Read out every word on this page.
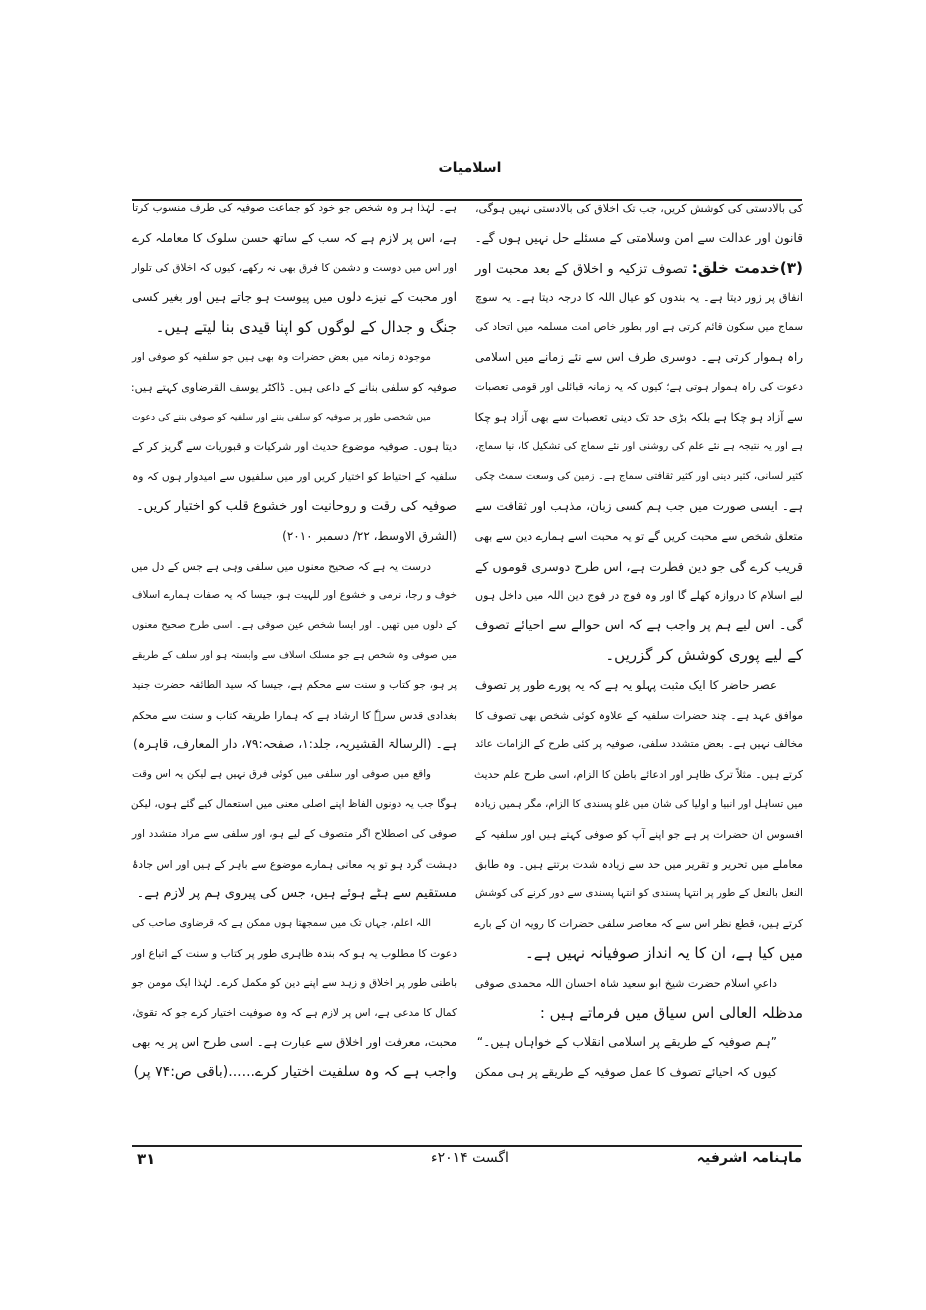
اسلامیات
کی بالادستی کی کوشش کریں، جب تک اخلاق کی بالادستی نہیں ہوگی،
قانون اور عدالت سے امن وسلامتی کے مسئلے حل نہیں ہوں گے۔
(۳)خدمت خلق: تصوف تزکیہ و اخلاق کے بعد محبت اور
انفاق پر زور دیتا ہے۔ یہ بندوں کو عیال اللہ کا درجہ دیتا ہے۔ یہ سوچ
سماج میں سکون قائم کرتی ہے اور بطور خاص امت مسلمہ میں اتحاد کی
راہ ہموار کرتی ہے۔ دوسری طرف اس سے نئے زمانے میں اسلامی
دعوت کی راہ ہموار ہوتی ہے؛ کیوں کہ یہ زمانہ قبائلی اور قومی تعصبات
سے آزاد ہو چکا ہے بلکہ بڑی حد تک دینی تعصبات سے بھی آزاد ہو چکا
ہے اور یہ نتیجہ ہے نئے علم کی روشنی اور نئے سماج کی تشکیل کا، نیا سماج،
کثیر لسانی، کثیر دینی اور کثیر ثقافتی سماج ہے۔ زمین کی وسعت سمٹ چکی
ہے۔ ایسی صورت میں جب ہم کسی زبان، مذہب اور ثقافت سے
متعلق شخص سے محبت کریں گے تو یہ محبت اسے ہمارے دین سے بھی
قریب کرے گی جو دین فطرت ہے، اس طرح دوسری قوموں کے
لیے اسلام کا دروازہ کھلے گا اور وہ فوج در فوج دین اللہ میں داخل ہوں
گی۔ اس لیے ہم پر واجب ہے کہ اس حوالے سے احیائے تصوف
کے لیے پوری کوشش کر گزریں۔
عصر حاضر کا ایک مثبت پہلو یہ ہے کہ یہ پورے طور پر تصوف
موافق عہد ہے۔ چند حضرات سلفیہ کے علاوہ کوئی شخص بھی تصوف کا
مخالف نہیں ہے۔ بعض متشدد سلفی، صوفیہ پر کئی طرح کے الزامات عائد
کرتے ہیں۔ مثلاً ترک ظاہر اور ادعائے باطن کا الزام، اسی طرح علم حدیث
میں تساہل اور انبیا و اولیا کی شان میں غلو پسندی کا الزام، مگر ہمیں زیادہ
افسوس ان حضرات پر ہے جو اپنے آپ کو صوفی کہتے ہیں اور سلفیہ کے
معاملے میں تحریر و تقریر میں حد سے زیادہ شدت برتتے ہیں۔ وہ طابق
النعل بالنعل کے طور پر انتہا پسندی کو انتہا پسندی سے دور کرنے کی کوشش
کرتے ہیں، قطع نظر اس سے کہ معاصر سلفی حضرات کا رویہ ان کے بارے
میں کیا ہے، ان کا یہ انداز صوفیانہ نہیں ہے۔
داعیِ اسلام حضرت شیخ ابو سعید شاہ احسان اللہ محمدی صوفی
مدظلہ العالی اس سیاق میں فرماتے ہیں :
”ہم صوفیہ کے طریقے پر اسلامی انقلاب کے خواہاں ہیں۔“
کیوں کہ احیائے تصوف کا عمل صوفیہ کے طریقے پر ہی ممکن
ہے۔ لہٰذا ہر وہ شخص جو خود کو جماعت صوفیہ کی طرف منسوب کرتا
ہے، اس پر لازم ہے کہ سب کے ساتھ حسن سلوک کا معاملہ کرے
اور اس میں دوست و دشمن کا فرق بھی نہ رکھے، کیوں کہ اخلاق کی تلوار
اور محبت کے نیزے دلوں میں پیوست ہو جاتے ہیں اور بغیر کسی
جنگ و جدال کے لوگوں کو اپنا قیدی بنا لیتے ہیں۔
موجودہ زمانہ میں بعض حضرات وہ بھی ہیں جو سلفیہ کو صوفی اور
صوفیہ کو سلفی بنانے کے داعی ہیں۔ ڈاکٹر یوسف القرضاوی کہتے ہیں:
میں شخصی طور پر صوفیہ کو سلفی بننے اور سلفیہ کو صوفی بننے کی دعوت
دیتا ہوں۔ صوفیہ موضوع حدیث اور شرکیات و قبوریات سے گریز کر کے
سلفیہ کے احتیاط کو اختیار کریں اور میں سلفیوں سے امیدوار ہوں کہ وہ
صوفیہ کی رقت و روحانیت اور خشوع قلب کو اختیار کریں۔
(الشرق الاوسط، ۲۲/ دسمبر ۲۰۱۰)
درست یہ ہے کہ صحیح معنوں میں سلفی وہی ہے جس کے دل میں
خوف و رجا، نرمی و خشوع اور للہیت ہو، جیسا کہ یہ صفات ہمارے اسلاف
کے دلوں میں تھیں۔ اور ایسا شخص عین صوفی ہے۔ اسی طرح صحیح معنوں
میں صوفی وہ شخص ہے جو مسلک اسلاف سے وابستہ ہو اور سلف کے طریقے
پر ہو، جو کتاب و سنت سے محکم ہے، جیسا کہ سید الطائفہ حضرت جنید
بغدادی قدس سرہٗ کا ارشاد ہے کہ ہمارا طریقہ کتاب و سنت سے محکم
ہے۔ (الرسالۃ القشیریہ، جلد:۱، صفحہ:۷۹، دار المعارف، قاہرہ)
واقع میں صوفی اور سلفی میں کوئی فرق نہیں ہے لیکن یہ اس وقت
ہوگا جب یہ دونوں الفاظ اپنے اصلی معنی میں استعمال کیے گئے ہوں، لیکن
صوفی کی اصطلاح اگر متصوف کے لیے ہو، اور سلفی سے مراد متشدد اور
دہشت گرد ہو تو یہ معانی ہمارے موضوع سے باہر کے ہیں اور اس جادۂ
مستقیم سے ہٹے ہوئے ہیں، جس کی پیروی ہم پر لازم ہے۔
اللہ اعلم، جہاں تک میں سمجھتا ہوں ممکن ہے کہ قرضاوی صاحب کی
دعوت کا مطلوب یہ ہو کہ بندہ ظاہری طور پر کتاب و سنت کے اتباع اور
باطنی طور پر اخلاق و زہد سے اپنے دین کو مکمل کرے۔ لہٰذا ایک مومن جو
کمال کا مدعی ہے، اس پر لازم ہے کہ وہ صوفیت اختیار کرے جو کہ تقویٰ،
محبت، معرفت اور اخلاق سے عبارت ہے۔ اسی طرح اس پر یہ بھی
واجب ہے کہ وہ سلفیت اختیار کرے......(باقی ص:۷۴ پر)
ماہنامہ اشرفیہ
اگست ۲۰۱۴ء
۳۱
